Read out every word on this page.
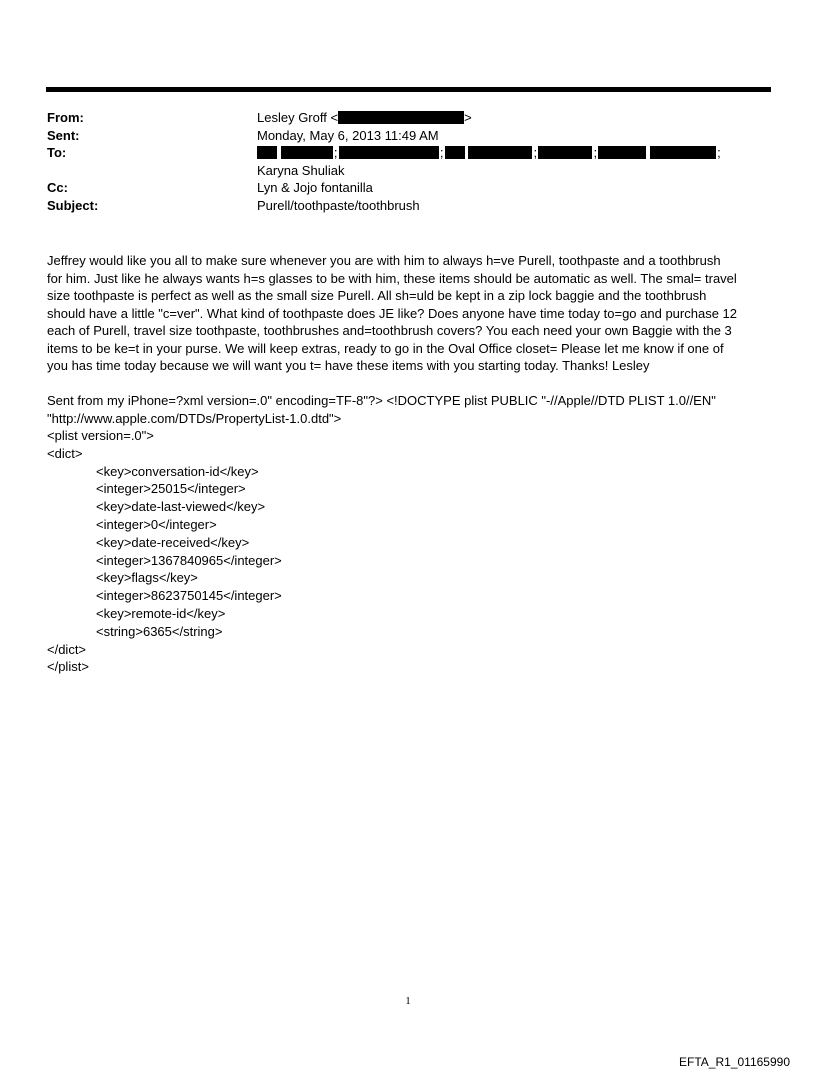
From:	Lesley Groff <	>
Sent:	Monday, May 6, 2013 11:49 AM
To:	;	;	;	;	;
Karyna Shuliak
Cc:	Lyn & Jojo fontanilla
Subject:	Purell/toothpaste/toothbrush

Jeffrey would like you all to make sure whenever you are with him to always h=ve Purell, toothpaste and a toothbrush

for him. Just like he always wants h=s glasses to be with him, these items should be automatic as well. The smal= travel

size toothpaste is perfect as well as the small size Purell. All sh=uld be kept in a zip lock baggie and the toothbrush

should have a little "c=ver". What kind of toothpaste does JE like? Does anyone have time today to=go and purchase 12

each of Purell, travel size toothpaste, toothbrushes and=toothbrush covers? You each need your own Baggie with the 3

items to be ke=t in your purse. We will keep extras, ready to go in the Oval Office closet= Please let me know if one of

you has time today because we will want you t= have these items with you starting today. Thanks! Lesley

Sent from my iPhone=?xml version=.0" encoding=TF-8"?> <!DOCTYPE plist PUBLIC "-//Apple//DTD PLIST 1.0//EN"

"http://www.apple.com/DTDs/PropertyList-1.0.dtd">

<plist version=.0">
<dict>
<key>conversation-id</key>
<integer>25015</integer>
<key>date-last-viewed</key>
<integer>0</integer>
<key>date-received</key>
<integer>1367840965</integer>
<key>flags</key>
<integer>8623750145</integer>
<key>remote-id</key>
<string>6365</string>
</dict>
</plist>
1
EFTA_R1_01165990
